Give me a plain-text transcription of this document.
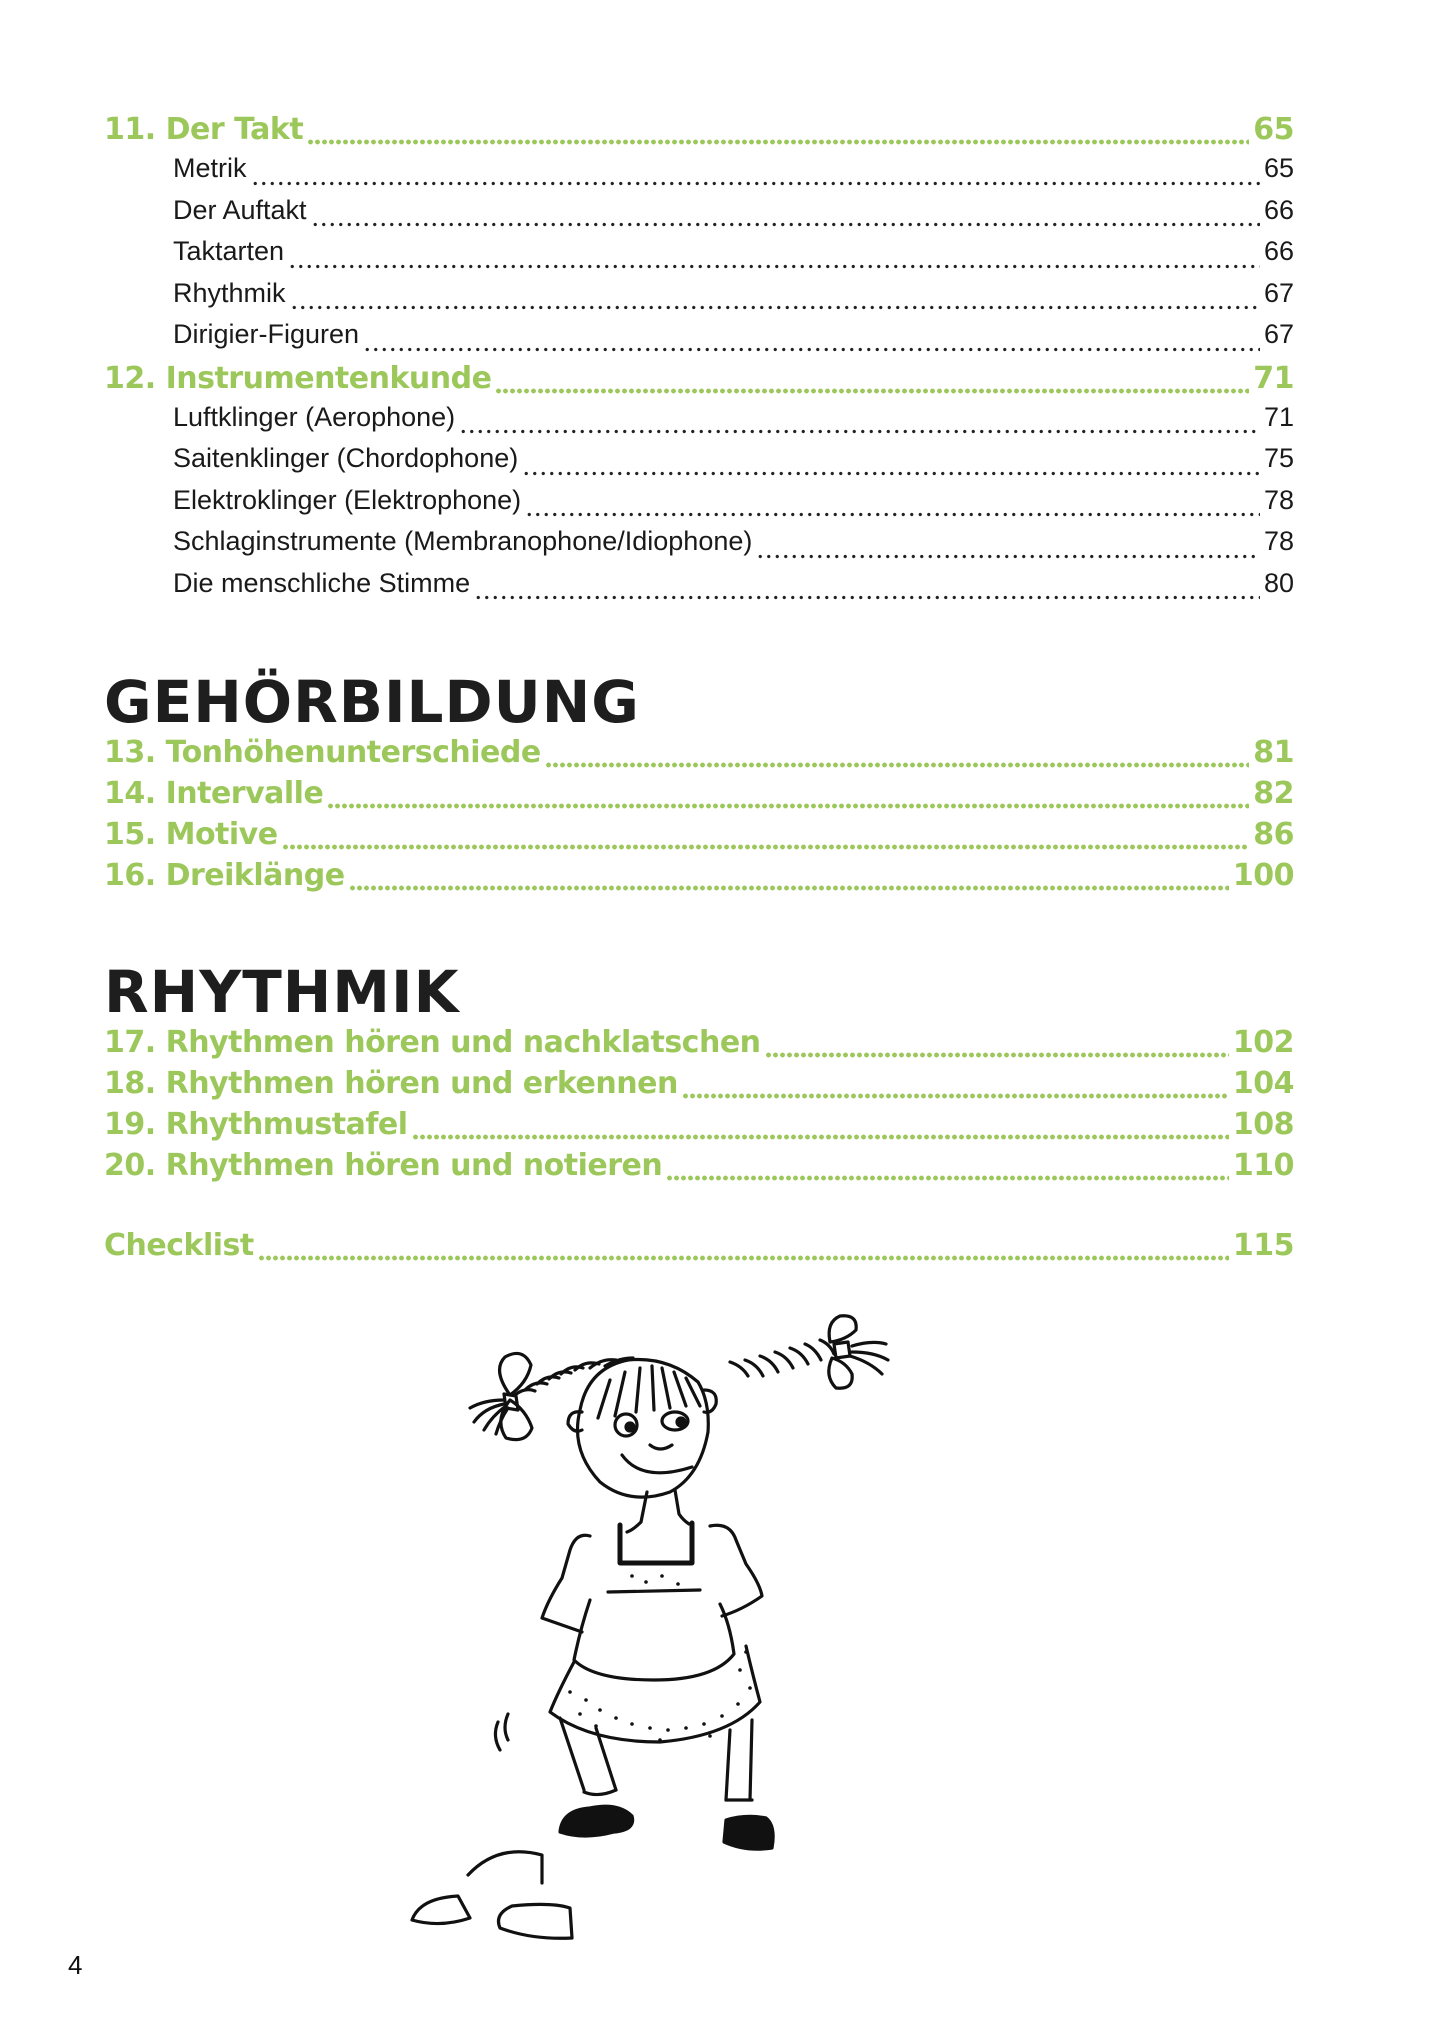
11. Der Takt	65
Metrik	65
Der Auftakt	66
Taktarten	66
Rhythmik	67
Dirigier-Figuren	67
12. Instrumentenkunde	71
Luftklinger (Aerophone)	71
Saitenklinger (Chordophone)	75
Elektroklinger (Elektrophone)	78
Schlaginstrumente (Membranophone/Idiophone)	78
Die menschliche Stimme	80
GEHÖRBILDUNG
13. Tonhöhenunterschiede	81
14. Intervalle	82
15. Motive	86
16. Dreiklänge	100
RHYTHMIK
17. Rhythmen hören und nachklatschen	102
18. Rhythmen hören und erkennen	104
19. Rhythmustafel	108
20. Rhythmen hören und notieren	110
Checklist	115
4
